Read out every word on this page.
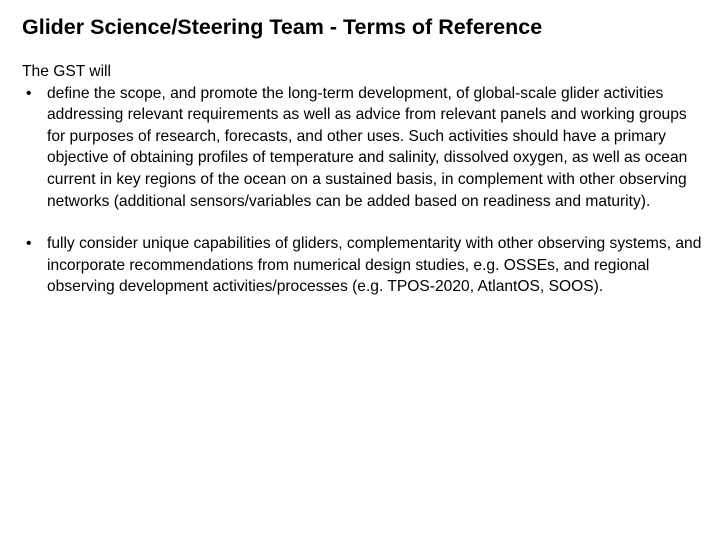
Glider Science/Steering Team - Terms of Reference

The GST will

• define the scope, and promote the long-term development, of global-scale glider activities addressing relevant requirements as well as advice from relevant panels and working groups for purposes of research, forecasts, and other uses. Such activities should have a primary objective of obtaining profiles of temperature and salinity, dissolved oxygen, as well as ocean current in key regions of the ocean on a sustained basis, in complement with other observing networks (additional sensors/variables can be added based on readiness and maturity).
• fully consider unique capabilities of gliders, complementarity with other observing systems, and incorporate recommendations from numerical design studies, e.g. OSSEs, and regional observing development activities/processes (e.g. TPOS-2020, AtlantOS, SOOS).
